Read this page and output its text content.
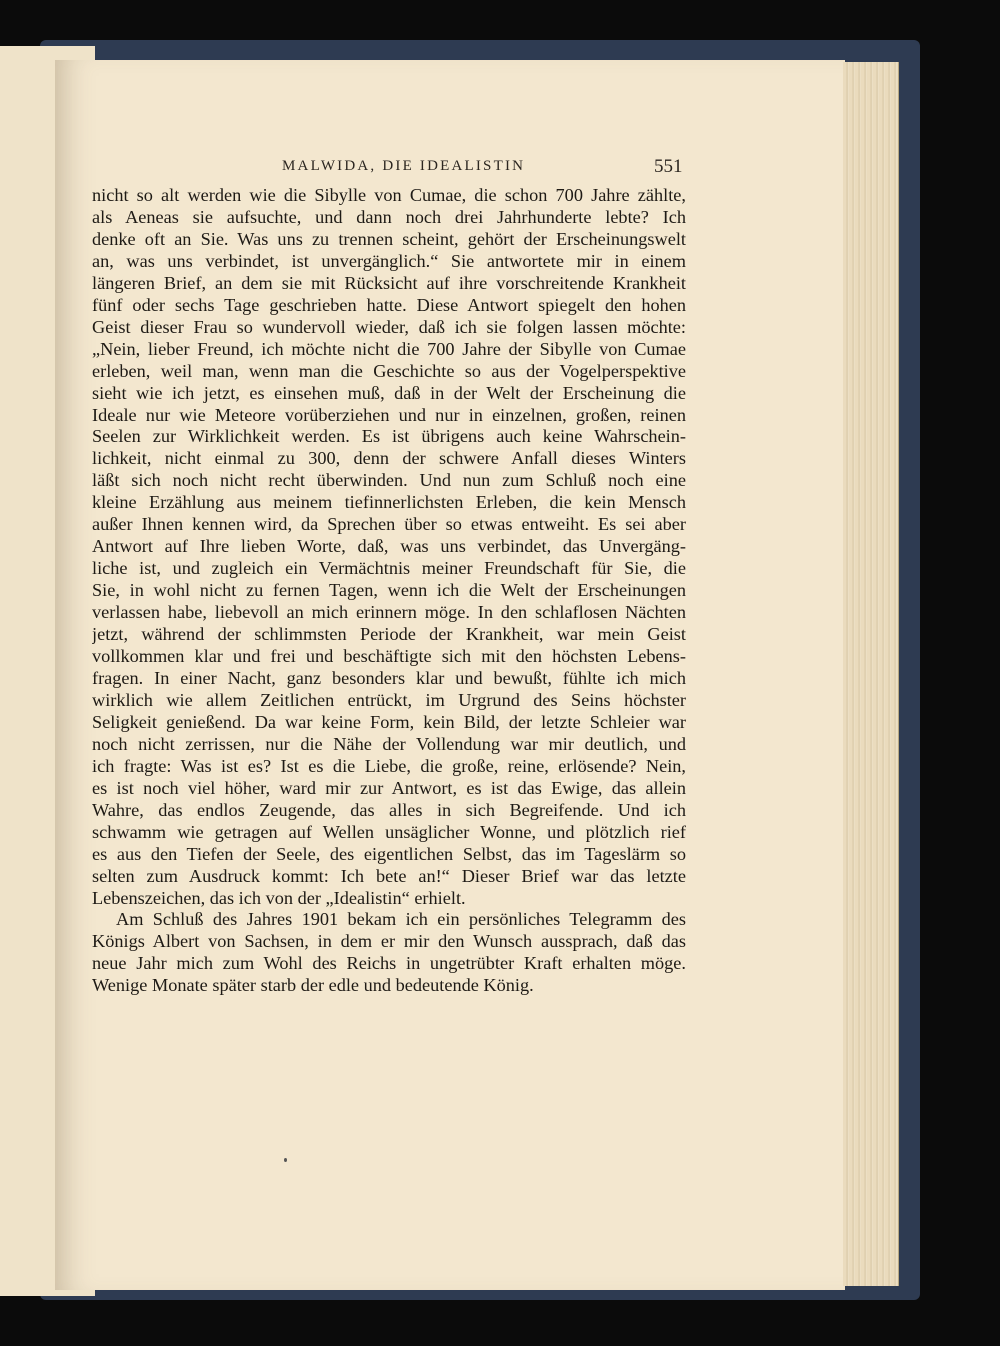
MALWIDA, DIE IDEALISTIN	551
nicht so alt werden wie die Sibylle von Cumae, die schon 700 Jahre zählte,
als Aeneas sie aufsuchte, und dann noch drei Jahrhunderte lebte? Ich
denke oft an Sie. Was uns zu trennen scheint, gehört der Erscheinungswelt
an, was uns verbindet, ist unvergänglich.“ Sie antwortete mir in einem
längeren Brief, an dem sie mit Rücksicht auf ihre vorschreitende Krankheit
fünf oder sechs Tage geschrieben hatte. Diese Antwort spiegelt den hohen
Geist dieser Frau so wundervoll wieder, daß ich sie folgen lassen möchte:
„Nein, lieber Freund, ich möchte nicht die 700 Jahre der Sibylle von Cumae
erleben, weil man, wenn man die Geschichte so aus der Vogelperspektive
sieht wie ich jetzt, es einsehen muß, daß in der Welt der Erscheinung die
Ideale nur wie Meteore vorüberziehen und nur in einzelnen, großen, reinen
Seelen zur Wirklichkeit werden. Es ist übrigens auch keine Wahrschein-
lichkeit, nicht einmal zu 300, denn der schwere Anfall dieses Winters
läßt sich noch nicht recht überwinden. Und nun zum Schluß noch eine
kleine Erzählung aus meinem tiefinnerlichsten Erleben, die kein Mensch
außer Ihnen kennen wird, da Sprechen über so etwas entweiht. Es sei aber
Antwort auf Ihre lieben Worte, daß, was uns verbindet, das Unvergäng-
liche ist, und zugleich ein Vermächtnis meiner Freundschaft für Sie, die
Sie, in wohl nicht zu fernen Tagen, wenn ich die Welt der Erscheinungen
verlassen habe, liebevoll an mich erinnern möge. In den schlaflosen Nächten
jetzt, während der schlimmsten Periode der Krankheit, war mein Geist
vollkommen klar und frei und beschäftigte sich mit den höchsten Lebens-
fragen. In einer Nacht, ganz besonders klar und bewußt, fühlte ich mich
wirklich wie allem Zeitlichen entrückt, im Urgrund des Seins höchster
Seligkeit genießend. Da war keine Form, kein Bild, der letzte Schleier war
noch nicht zerrissen, nur die Nähe der Vollendung war mir deutlich, und
ich fragte: Was ist es? Ist es die Liebe, die große, reine, erlösende? Nein,
es ist noch viel höher, ward mir zur Antwort, es ist das Ewige, das allein
Wahre, das endlos Zeugende, das alles in sich Begreifende. Und ich
schwamm wie getragen auf Wellen unsäglicher Wonne, und plötzlich rief
es aus den Tiefen der Seele, des eigentlichen Selbst, das im Tageslärm so
selten zum Ausdruck kommt: Ich bete an!“ Dieser Brief war das letzte
Lebenszeichen, das ich von der „Idealistin“ erhielt.
Am Schluß des Jahres 1901 bekam ich ein persönliches Telegramm des
Königs Albert von Sachsen, in dem er mir den Wunsch aussprach, daß das
neue Jahr mich zum Wohl des Reichs in ungetrübter Kraft erhalten möge.
Wenige Monate später starb der edle und bedeutende König.
